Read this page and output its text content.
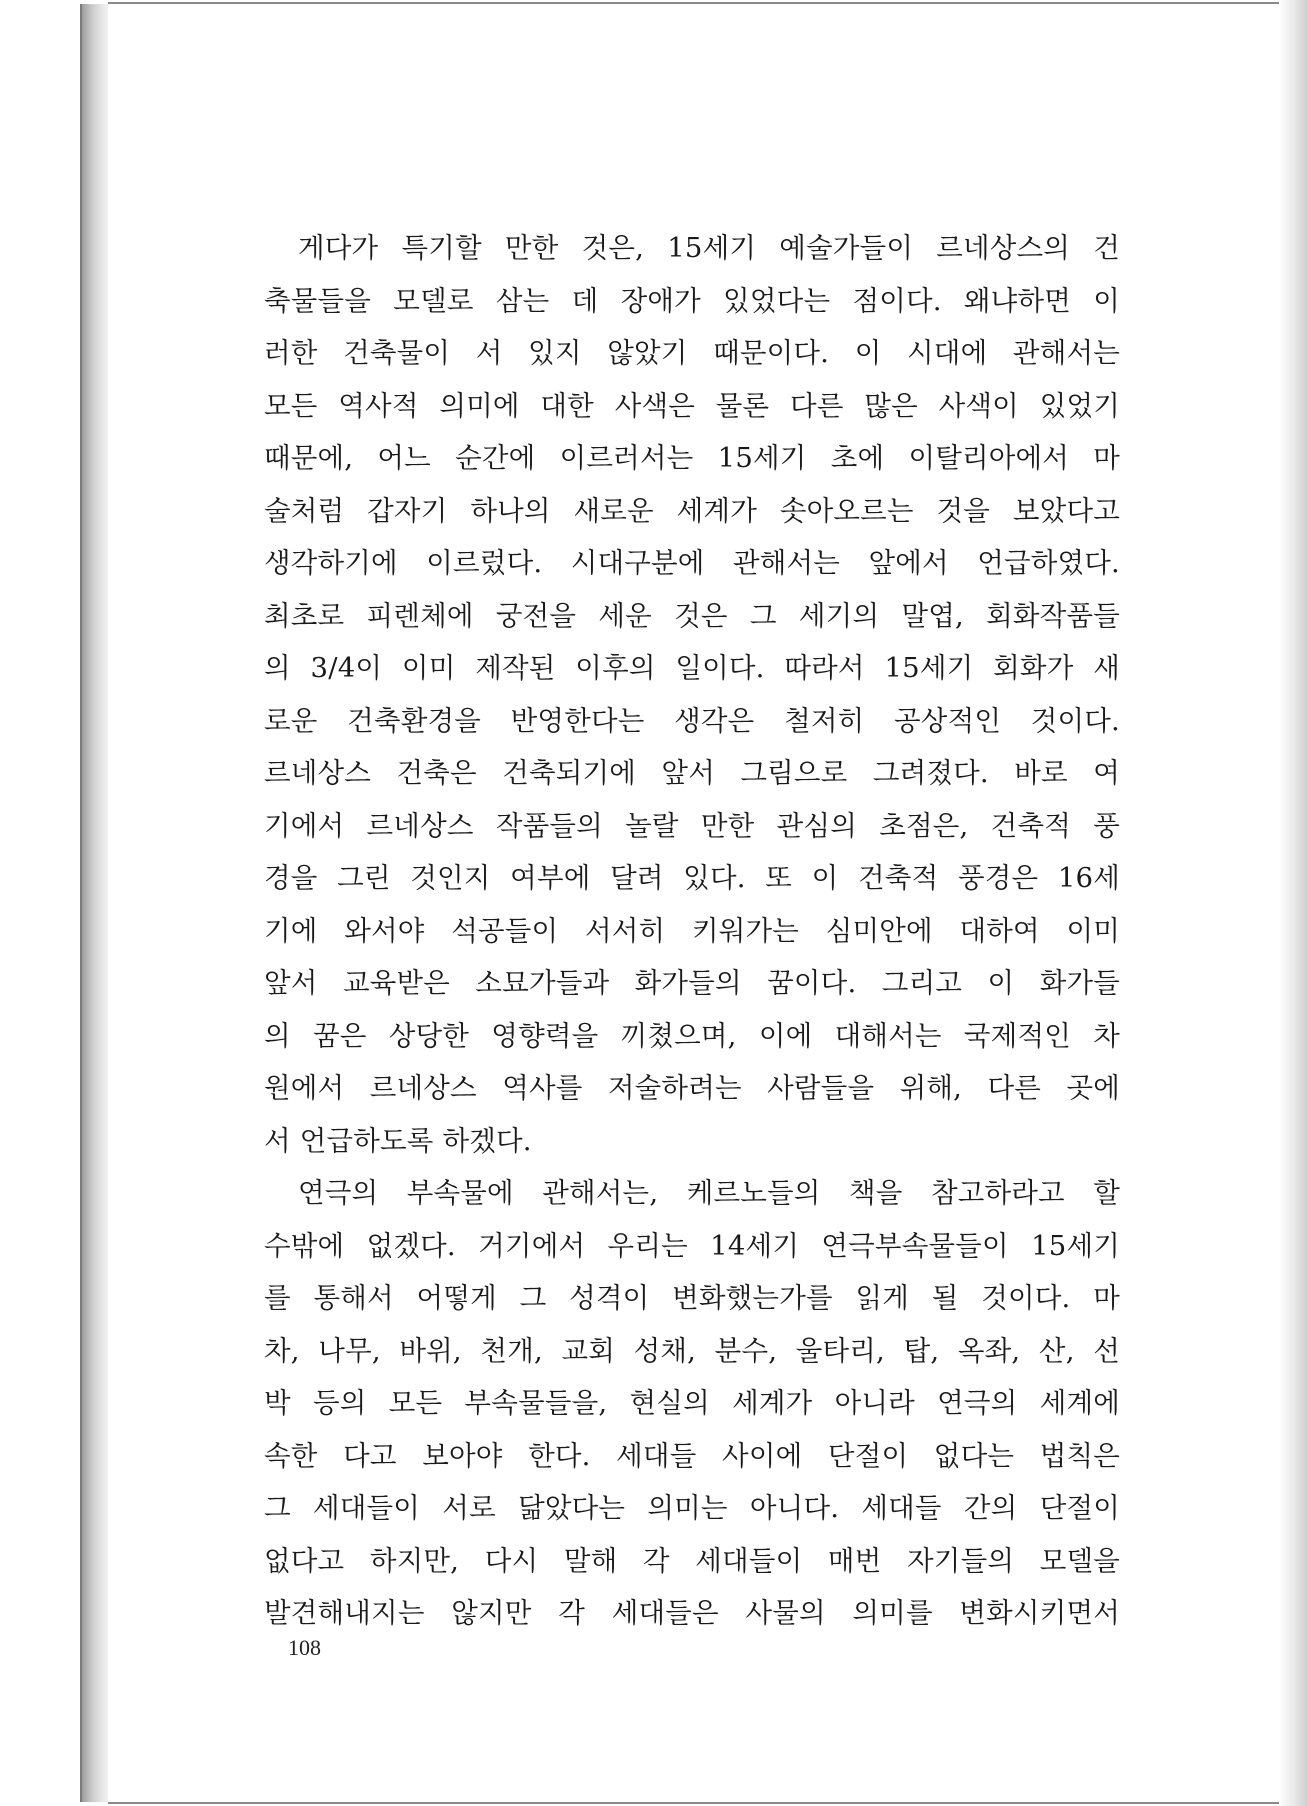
게다가 특기할 만한 것은, 15세기 예술가들이 르네상스의 건
축물들을 모델로 삼는 데 장애가 있었다는 점이다. 왜냐하면 이
러한 건축물이 서 있지 않았기 때문이다. 이 시대에 관해서는
모든 역사적 의미에 대한 사색은 물론 다른 많은 사색이 있었기
때문에, 어느 순간에 이르러서는 15세기 초에 이탈리아에서 마
술처럼 갑자기 하나의 새로운 세계가 솟아오르는 것을 보았다고
생각하기에 이르렀다. 시대구분에 관해서는 앞에서 언급하였다.
최초로 피렌체에 궁전을 세운 것은 그 세기의 말엽, 회화작품들
의 3/4이 이미 제작된 이후의 일이다. 따라서 15세기 회화가 새
로운 건축환경을 반영한다는 생각은 철저히 공상적인 것이다.
르네상스 건축은 건축되기에 앞서 그림으로 그려졌다. 바로 여
기에서 르네상스 작품들의 놀랄 만한 관심의 초점은, 건축적 풍
경을 그린 것인지 여부에 달려 있다. 또 이 건축적 풍경은 16세
기에 와서야 석공들이 서서히 키워가는 심미안에 대하여 이미
앞서 교육받은 소묘가들과 화가들의 꿈이다. 그리고 이 화가들
의 꿈은 상당한 영향력을 끼쳤으며, 이에 대해서는 국제적인 차
원에서 르네상스 역사를 저술하려는 사람들을 위해, 다른 곳에
서 언급하도록 하겠다.
연극의 부속물에 관해서는, 케르노들의 책을 참고하라고 할
수밖에 없겠다. 거기에서 우리는 14세기 연극부속물들이 15세기
를 통해서 어떻게 그 성격이 변화했는가를 읽게 될 것이다. 마
차, 나무, 바위, 천개, 교회 성채, 분수, 울타리, 탑, 옥좌, 산, 선
박 등의 모든 부속물들을, 현실의 세계가 아니라 연극의 세계에
속한 다고 보아야 한다. 세대들 사이에 단절이 없다는 법칙은
그 세대들이 서로 닮았다는 의미는 아니다. 세대들 간의 단절이
없다고 하지만, 다시 말해 각 세대들이 매번 자기들의 모델을
발견해내지는 않지만 각 세대들은 사물의 의미를 변화시키면서
108
